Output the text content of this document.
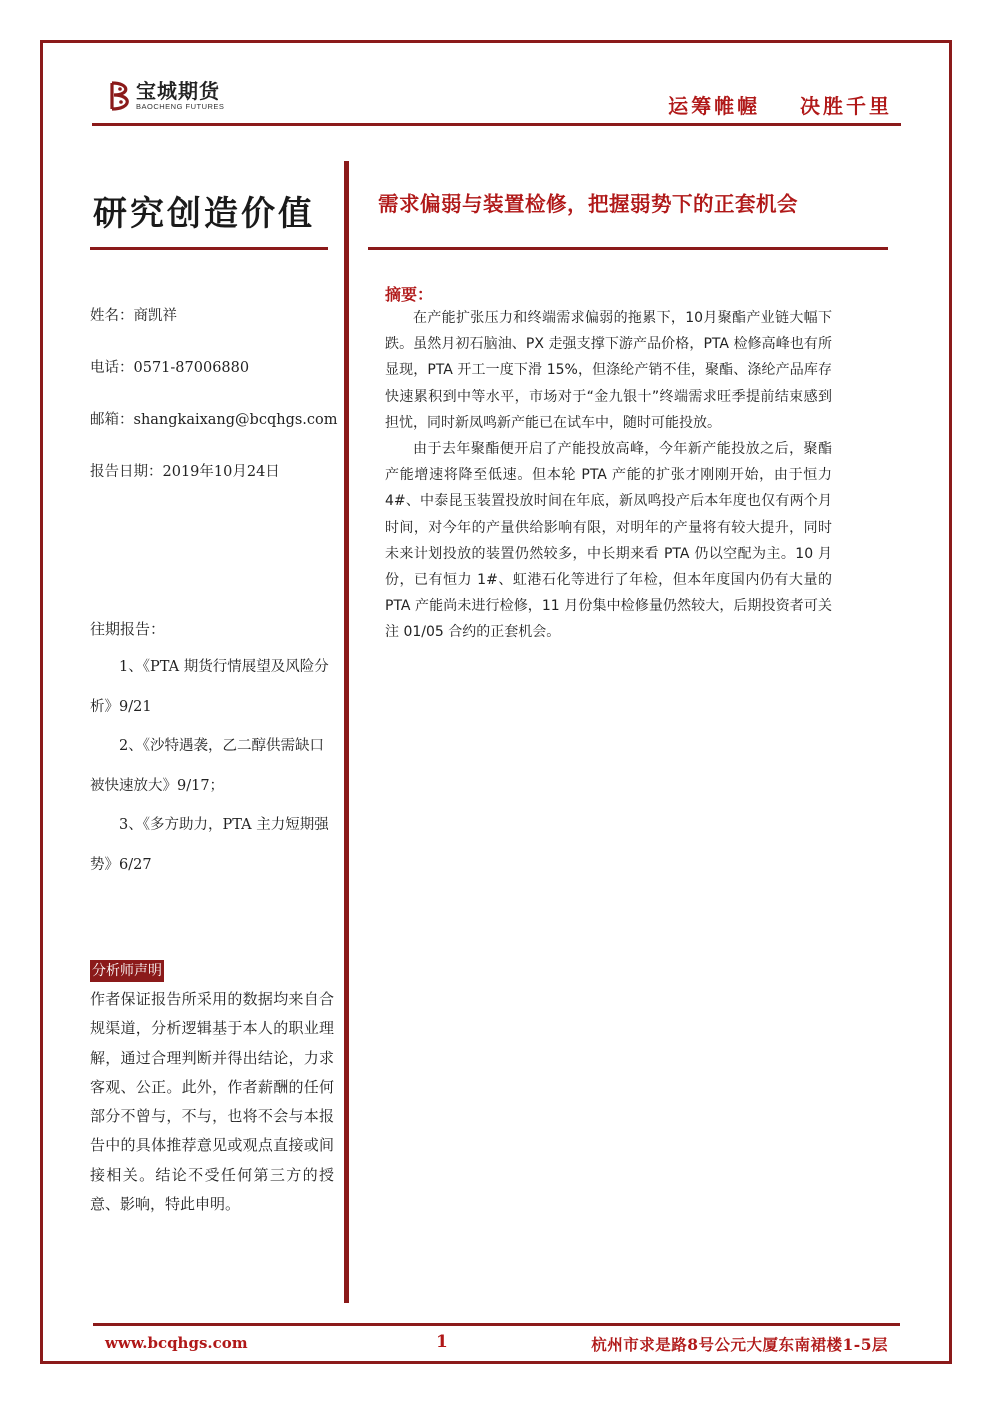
宝城期货
BAOCHENG FUTURES	运筹帷幄    决胜千里
研究创造价值	需求偏弱与装置检修，把握弱势下的正套机会
姓名：商凯祥
电话：0571-87006880
邮箱：shangkaixang@bcqhgs.com
报告日期：2019年10月24日
往期报告：

1、《PTA 期货行情展望及风险分析》9/21

2、《沙特遇袭，乙二醇供需缺口被快速放大》9/17；

3、《多方助力，PTA 主力短期强势》6/27

分析师声明
作者保证报告所采用的数据均来自合规渠道，分析逻辑基于本人的职业理解，通过合理判断并得出结论，力求客观、公正。此外，作者薪酬的任何部分不曾与，不与，也将不会与本报告中的具体推荐意见或观点直接或间接相关。结论不受任何第三方的授意、影响，特此申明。
摘要：

在产能扩张压力和终端需求偏弱的拖累下，10月聚酯产业链大幅下跌。虽然月初石脑油、PX 走强支撑下游产品价格，PTA 检修高峰也有所显现，PTA 开工一度下滑 15%，但涤纶产销不佳，聚酯、涤纶产品库存快速累积到中等水平，市场对于“金九银十”终端需求旺季提前结束感到担忧，同时新凤鸣新产能已在试车中，随时可能投放。

由于去年聚酯便开启了产能投放高峰，今年新产能投放之后，聚酯产能增速将降至低速。但本轮 PTA 产能的扩张才刚刚开始，由于恒力 4#、中泰昆玉装置投放时间在年底，新凤鸣投产后本年度也仅有两个月时间，对今年的产量供给影响有限，对明年的产量将有较大提升，同时未来计划投放的装置仍然较多，中长期来看 PTA 仍以空配为主。10 月份，已有恒力 1#、虹港石化等进行了年检，但本年度国内仍有大量的 PTA 产能尚未进行检修，11 月份集中检修量仍然较大，后期投资者可关注 01/05 合约的正套机会。

www.bcqhgs.com	1	杭州市求是路8号公元大厦东南裙楼1-5层
